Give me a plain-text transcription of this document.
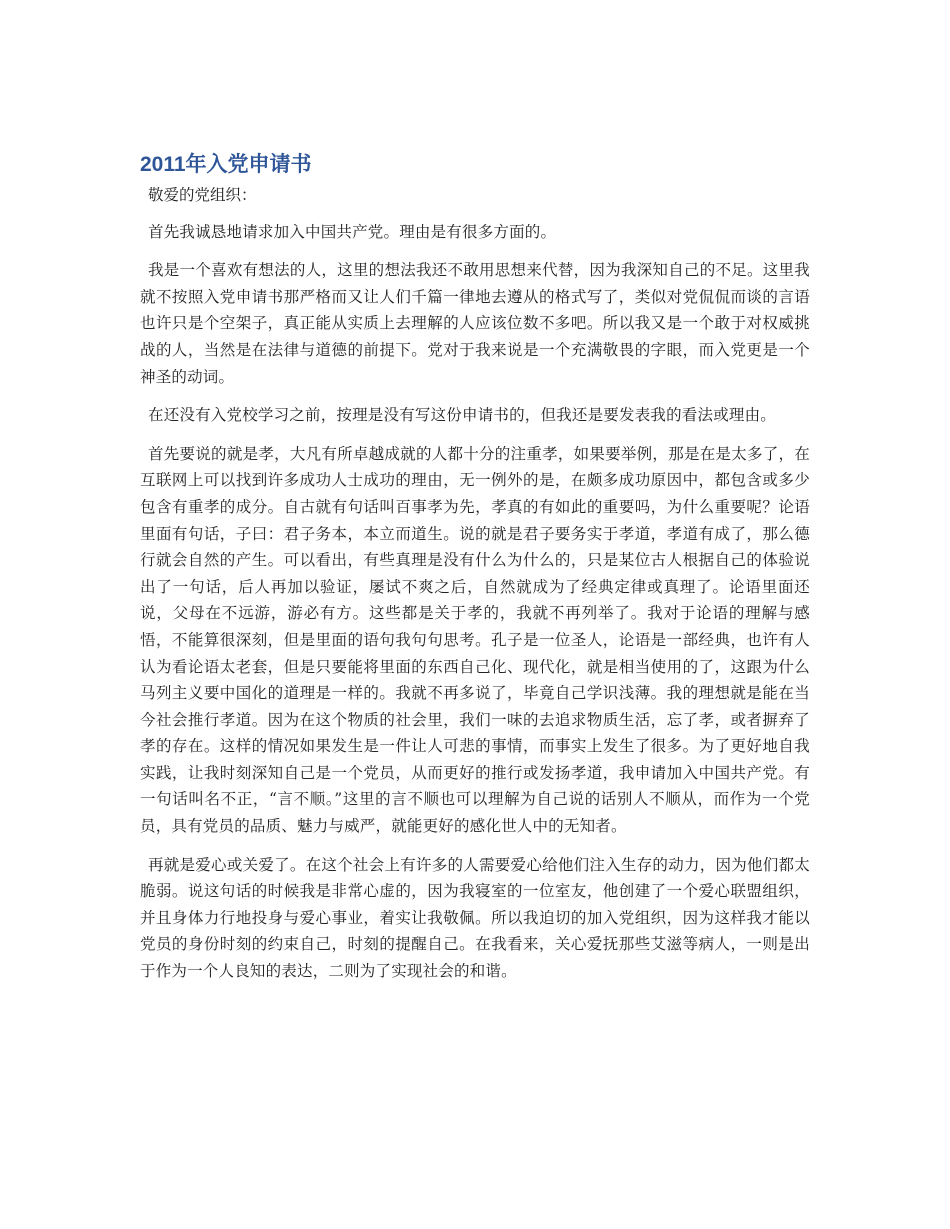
2011年入党申请书

敬爱的党组织：

首先我诚恳地请求加入中国共产党。理由是有很多方面的。

我是一个喜欢有想法的人，这里的想法我还不敢用思想来代替，因为我深知自己的不足。这里我就不按照入党申请书那严格而又让人们千篇一律地去遵从的格式写了，类似对党侃侃而谈的言语也许只是个空架子，真正能从实质上去理解的人应该位数不多吧。所以我又是一个敢于对权威挑战的人，当然是在法律与道德的前提下。党对于我来说是一个充满敬畏的字眼，而入党更是一个神圣的动词。

在还没有入党校学习之前，按理是没有写这份申请书的，但我还是要发表我的看法或理由。

首先要说的就是孝，大凡有所卓越成就的人都十分的注重孝，如果要举例，那是在是太多了，在互联网上可以找到许多成功人士成功的理由，无一例外的是，在颇多成功原因中，都包含或多少包含有重孝的成分。自古就有句话叫百事孝为先，孝真的有如此的重要吗，为什么重要呢？论语里面有句话，子曰：君子务本，本立而道生。说的就是君子要务实于孝道，孝道有成了，那么德行就会自然的产生。可以看出，有些真理是没有什么为什么的，只是某位古人根据自己的体验说出了一句话，后人再加以验证，屡试不爽之后，自然就成为了经典定律或真理了。论语里面还说，父母在不远游，游必有方。这些都是关于孝的，我就不再列举了。我对于论语的理解与感悟，不能算很深刻，但是里面的语句我句句思考。孔子是一位圣人，论语是一部经典，也许有人认为看论语太老套，但是只要能将里面的东西自己化、现代化，就是相当使用的了，这跟为什么马列主义要中国化的道理是一样的。我就不再多说了，毕竟自己学识浅薄。我的理想就是能在当今社会推行孝道。因为在这个物质的社会里，我们一味的去追求物质生活，忘了孝，或者摒弃了孝的存在。这样的情况如果发生是一件让人可悲的事情，而事实上发生了很多。为了更好地自我实践，让我时刻深知自己是一个党员，从而更好的推行或发扬孝道，我申请加入中国共产党。有一句话叫名不正，“言不顺。”这里的言不顺也可以理解为自己说的话别人不顺从，而作为一个党员，具有党员的品质、魅力与威严，就能更好的感化世人中的无知者。

再就是爱心或关爱了。在这个社会上有许多的人需要爱心给他们注入生存的动力，因为他们都太脆弱。说这句话的时候我是非常心虚的，因为我寝室的一位室友，他创建了一个爱心联盟组织，并且身体力行地投身与爱心事业，着实让我敬佩。所以我迫切的加入党组织，因为这样我才能以党员的身份时刻的约束自己，时刻的提醒自己。在我看来，关心爱抚那些艾滋等病人，一则是出于作为一个人良知的表达，二则为了实现社会的和谐。
